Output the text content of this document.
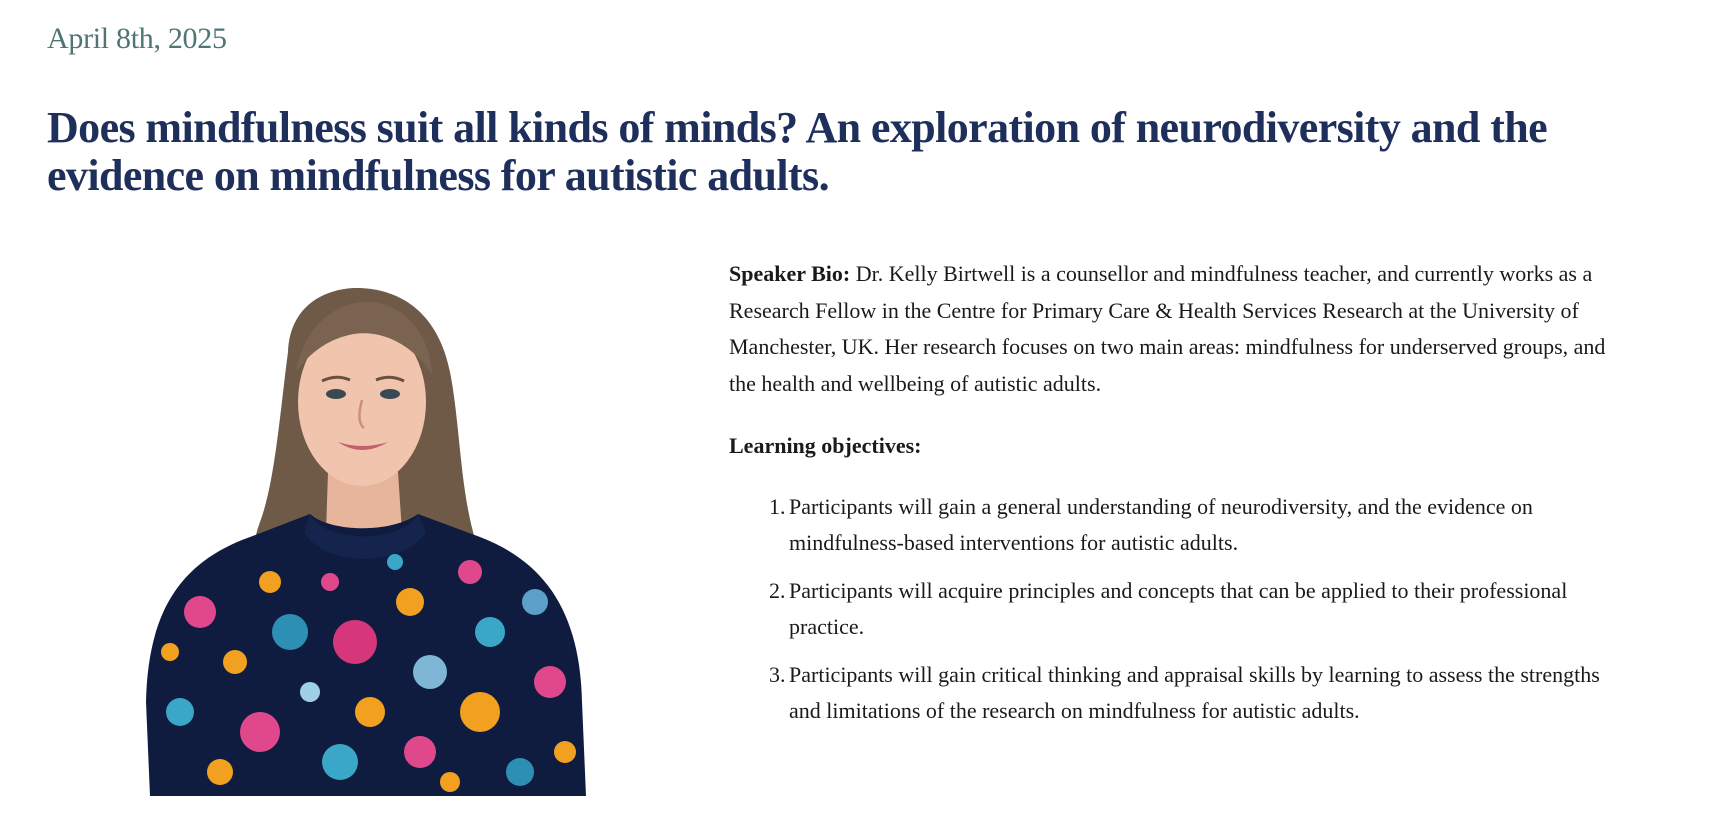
April 8th, 2025
Does mindfulness suit all kinds of minds? An exploration of neurodiversity and the evidence on mindfulness for autistic adults.

Speaker Bio: Dr. Kelly Birtwell is a counsellor and mindfulness teacher, and currently works as a Research Fellow in the Centre for Primary Care & Health Services Research at the University of Manchester, UK. Her research focuses on two main areas: mindfulness for underserved groups, and the health and wellbeing of autistic adults.

Learning objectives:

1. Participants will gain a general understanding of neurodiversity, and the evidence on mindfulness-based interventions for autistic adults.
2. Participants will acquire principles and concepts that can be applied to their professional practice.
3. Participants will gain critical thinking and appraisal skills by learning to assess the strengths and limitations of the research on mindfulness for autistic adults.
